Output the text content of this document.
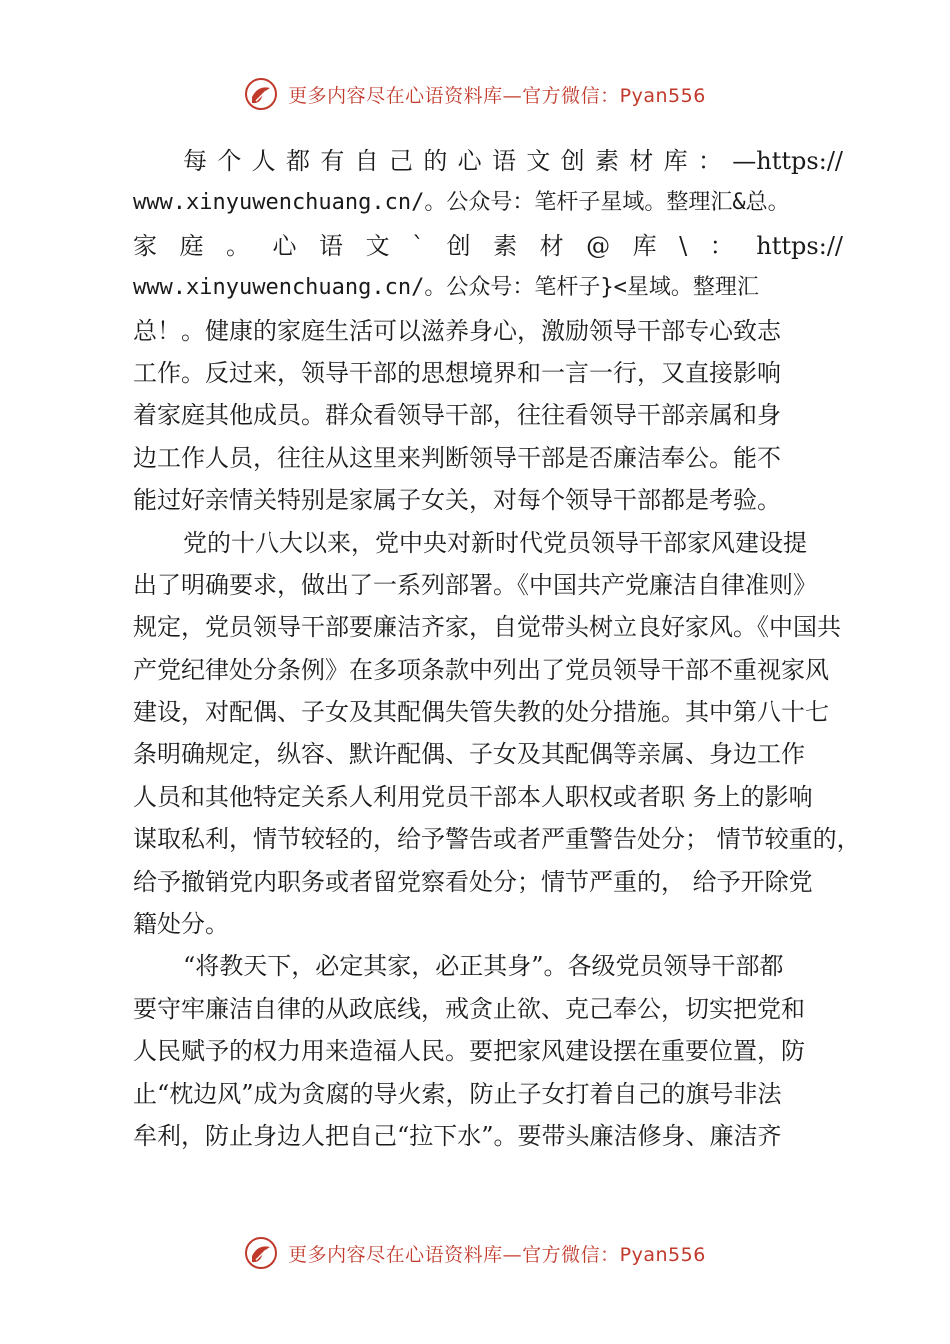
更多内容尽在心语资料库—官方微信：Pyan556
每个人都有自己的心语文创素材库：—https://
www.xinyuwenchuang.cn/。公众号：笔杆子星域。整理汇&总。
家庭。心语文`创素材@库\：https://
www.xinyuwenchuang.cn/。公众号：笔杆子}<星域。整理汇
总！。健康的家庭生活可以滋养身心，激励领导干部专心致志
工作。反过来，领导干部的思想境界和一言一行，又直接影响
着家庭其他成员。群众看领导干部，往往看领导干部亲属和身
边工作人员，往往从这里来判断领导干部是否廉洁奉公。能不
能过好亲情关特别是家属子女关，对每个领导干部都是考验。
党的十八大以来，党中央对新时代党员领导干部家风建设提
出了明确要求，做出了一系列部署。《中国共产党廉洁自律准则》
规定，党员领导干部要廉洁齐家，自觉带头树立良好家风。《中国共
产党纪律处分条例》在多项条款中列出了党员领导干部不重视家风
建设，对配偶、子女及其配偶失管失教的处分措施。其中第八十七
条明确规定，纵容、默许配偶、子女及其配偶等亲属、身边工作
人员和其他特定关系人利用党员干部本人职权或者职 务上的影响
谋取私利，情节较轻的，给予警告或者严重警告处分； 情节较重的，
给予撤销党内职务或者留党察看处分；情节严重的， 给予开除党
籍处分。
“将教天下，必定其家，必正其身”。各级党员领导干部都
要守牢廉洁自律的从政底线，戒贪止欲、克己奉公，切实把党和
人民赋予的权力用来造福人民。要把家风建设摆在重要位置，防
止“枕边风”成为贪腐的导火索，防止子女打着自己的旗号非法
牟利，防止身边人把自己“拉下水”。要带头廉洁修身、廉洁齐
更多内容尽在心语资料库—官方微信：Pyan556
